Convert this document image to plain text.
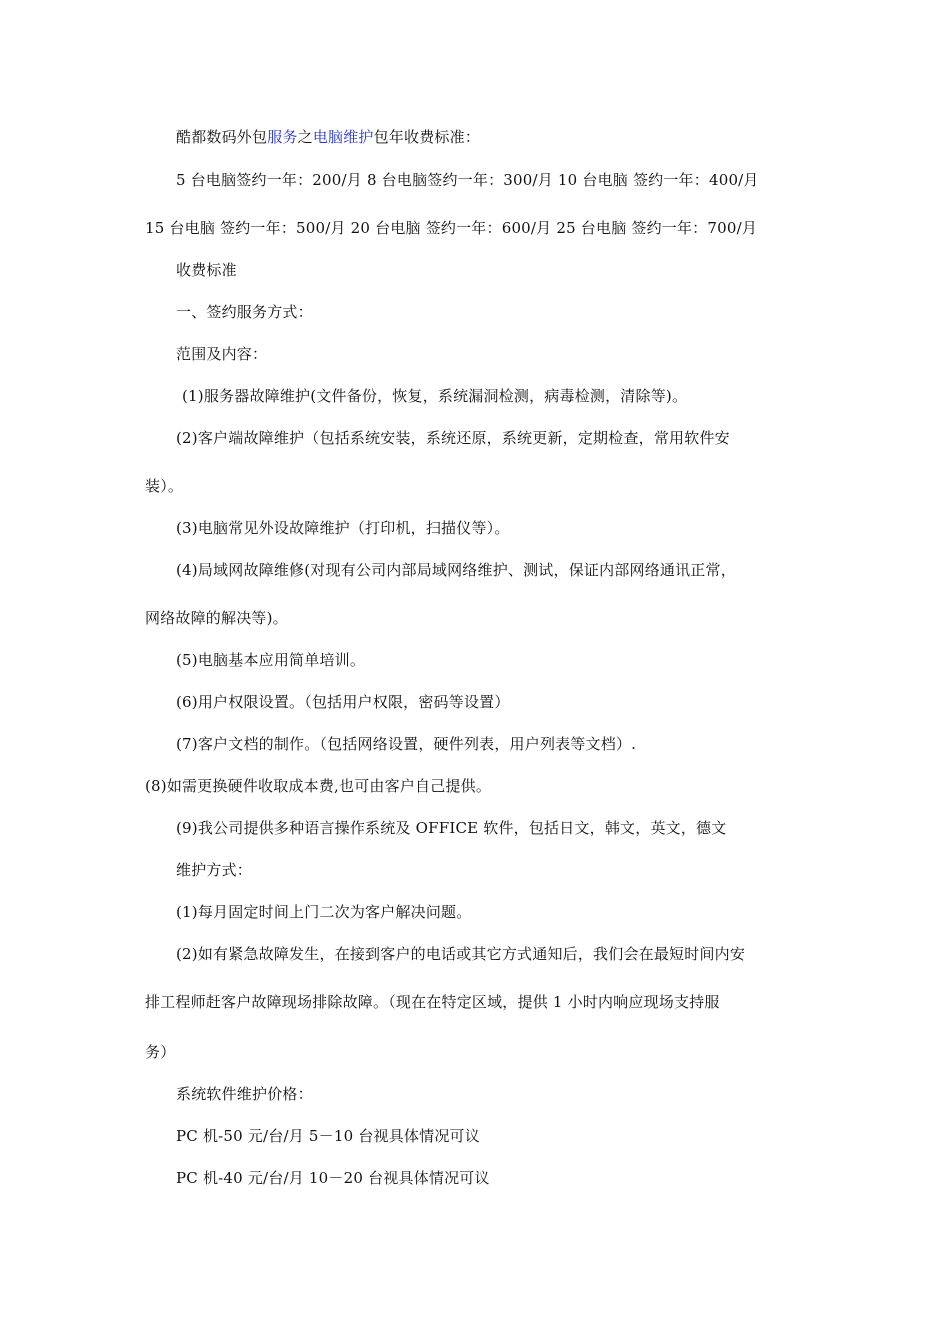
酷都数码外包服务之电脑维护包年收费标准：
5 台电脑签约一年：200/月 8 台电脑签约一年：300/月 10 台电脑 签约一年：400/月
15 台电脑 签约一年：500/月 20 台电脑 签约一年：600/月 25 台电脑 签约一年：700/月
收费标准
一、签约服务方式：
范围及内容：
(1)服务器故障维护(文件备份，恢复，系统漏洞检测，病毒检测，清除等)。
(2)客户端故障维护（包括系统安装，系统还原，系统更新，定期检查，常用软件安
装）。
(3)电脑常见外设故障维护（打印机，扫描仪等）。
(4)局域网故障维修(对现有公司内部局域网络维护、测试，保证内部网络通讯正常，
网络故障的解决等)。
(5)电脑基本应用简单培训。
(6)用户权限设置。（包括用户权限，密码等设置）
(7)客户文档的制作。（包括网络设置，硬件列表，用户列表等文档）.
(8)如需更换硬件收取成本费,也可由客户自己提供。
(9)我公司提供多种语言操作系统及 OFFICE 软件，包括日文，韩文，英文，德文
维护方式：
(1)每月固定时间上门二次为客户解决问题。
(2)如有紧急故障发生，在接到客户的电话或其它方式通知后，我们会在最短时间内安
排工程师赶客户故障现场排除故障。（现在在特定区域，提供 1 小时内响应现场支持服
务）
系统软件维护价格：
PC 机-50 元/台/月 5－10 台视具体情况可议
PC 机-40 元/台/月 10－20 台视具体情况可议
